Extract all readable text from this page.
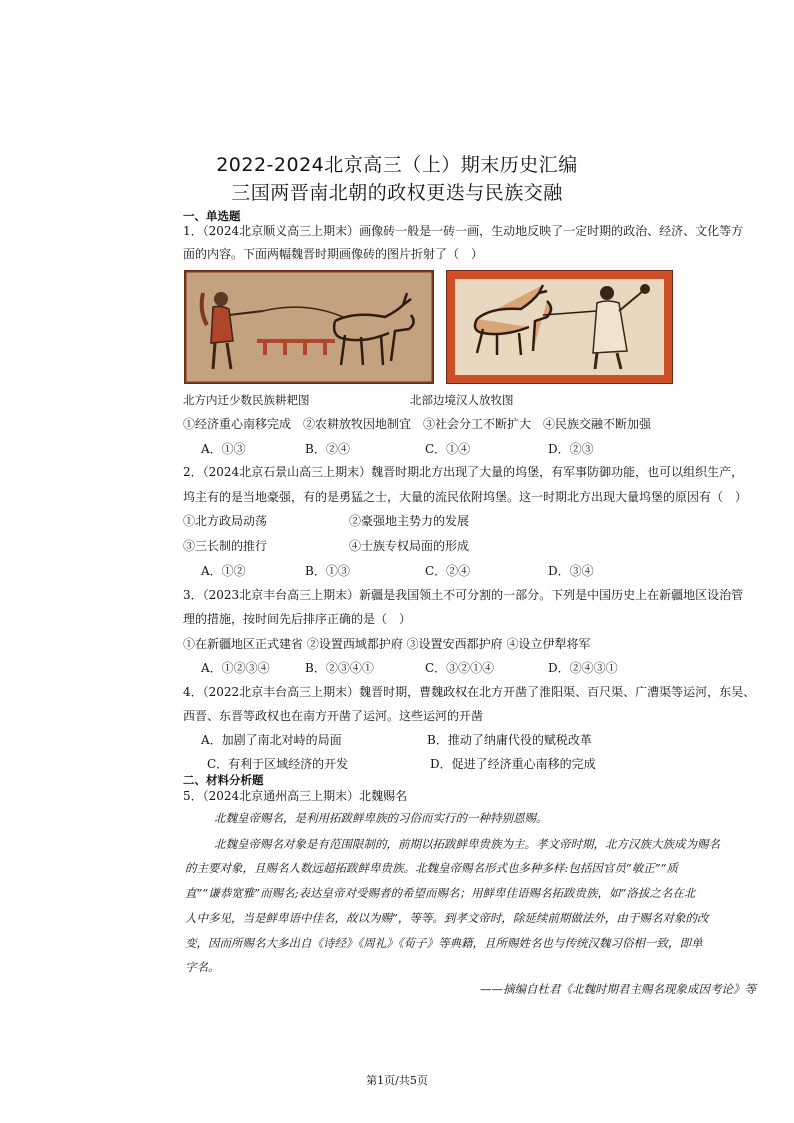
2022-2024北京高三（上）期末历史汇编
三国两晋南北朝的政权更迭与民族交融
一、单选题
1．（2024北京顺义高三上期末）画像砖一般是一砖一画，生动地反映了一定时期的政治、经济、文化等方
面的内容。下面两幅魏晋时期画像砖的图片折射了（　）
北方内迁少数民族耕耙图	北部边境汉人放牧图
①经济重心南移完成　②农耕放牧因地制宜　③社会分工不断扩大　④民族交融不断加强
A．①③	B．②④	C．①④	D．②③
2．（2024北京石景山高三上期末）魏晋时期北方出现了大量的坞堡，有军事防御功能，也可以组织生产，
坞主有的是当地豪强，有的是勇猛之士，大量的流民依附坞堡。这一时期北方出现大量坞堡的原因有（　）
①北方政局动荡	②豪强地主势力的发展
③三长制的推行	④士族专权局面的形成
A．①②	B．①③	C．②④	D．③④
3．（2023北京丰台高三上期末）新疆是我国领土不可分割的一部分。下列是中国历史上在新疆地区设治管
理的措施，按时间先后排序正确的是（　）
①在新疆地区正式建省 ②设置西域都护府 ③设置安西都护府 ④设立伊犁将军
A．①②③④	B．②③④①	C．③②①④	D．②④③①
4．（2022北京丰台高三上期末）魏晋时期，曹魏政权在北方开凿了淮阳渠、百尺渠、广漕渠等运河，东吴、
西晋、东晋等政权也在南方开凿了运河。这些运河的开凿
A．加剧了南北对峙的局面	B．推动了纳庸代役的赋税改革
C．有利于区域经济的开发	D．促进了经济重心南移的完成
二、材料分析题
5．（2024北京通州高三上期末）北魏赐名
北魏皇帝赐名，是利用拓跋鲜卑族的习俗而实行的一种特别恩赐。
北魏皇帝赐名对象是有范围限制的，前期以拓跋鲜卑贵族为主。孝文帝时期，北方汉族大族成为赐名
的主要对象，且赐名人数远超拓跋鲜卑贵族。北魏皇帝赐名形式也多种多样:包括因官员“敏正”“质
直”“谦恭宽雅”而赐名;表达皇帝对受赐者的希望而赐名；用鲜卑佳语赐名拓跋贵族，如“洛拔之名在北
人中多见，当是鲜卑语中佳名，故以为赐”，等等。到孝文帝时，除延续前期做法外，由于赐名对象的改
变，因而所赐名大多出自《诗经》《周礼》《荀子》等典籍，且所赐姓名也与传统汉魏习俗相一致，即单
字名。
——摘编自杜君《北魏时期君主赐名现象成因考论》等
第1页/共5页
